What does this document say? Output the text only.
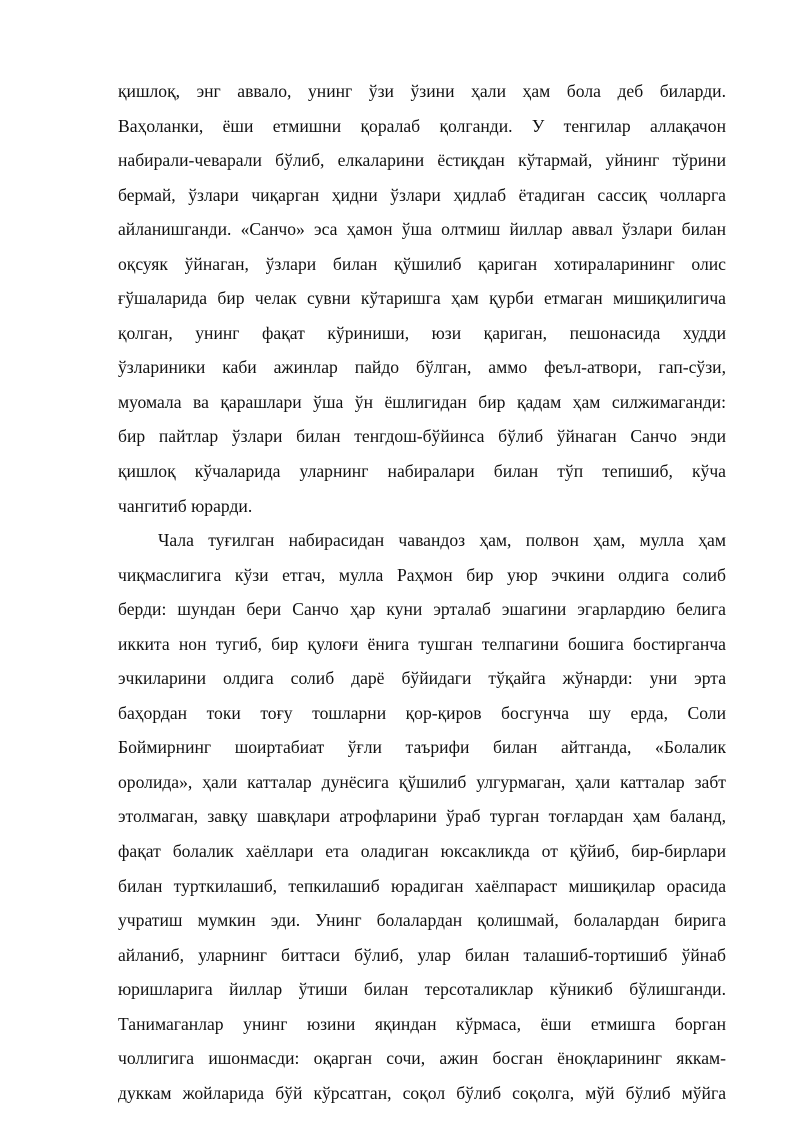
қишлоқ, энг аввало, унинг ўзи ўзини ҳали ҳам бола деб биларди.
Ваҳоланки, ёши етмишни қоралаб қолганди. У тенгилар аллақачон
набирали-чеварали бўлиб, елкаларини ёстиқдан кўтармай, уйнинг тўрини
бермай, ўзлари чиқарган ҳидни ўзлари ҳидлаб ётадиган сассиқ чолларга
айланишганди. «Санчо» эса ҳамон ўша олтмиш йиллар аввал ўзлари билан
оқсуяк ўйнаган, ўзлари билан қўшилиб қариган хотираларининг олис
ғўшаларида бир челак сувни кўтаришга ҳам қурби етмаган мишиқилигича
қолган, унинг фақат кўриниши, юзи қариган, пешонасида худди
ўзлариники каби ажинлар пайдо бўлган, аммо феъл-атвори, гап-сўзи,
муомала ва қарашлари ўша ўн ёшлигидан бир қадам ҳам силжимаганди:
бир пайтлар ўзлари билан тенгдош-бўйинса бўлиб ўйнаган Санчо энди
қишлоқ кўчаларида уларнинг набиралари билан тўп тепишиб, кўча
чангитиб юрарди.
Чала туғилган набирасидан чавандоз ҳам, полвон ҳам, мулла ҳам
чиқмаслигига кўзи етгач, мулла Раҳмон бир уюр эчкини олдига солиб
берди: шундан бери Санчо ҳар куни эрталаб эшагини эгарлардию белига
иккита нон тугиб, бир қулоғи ёнига тушган телпагини бошига бостирганча
эчкиларини олдига солиб дарё бўйидаги тўқайга жўнарди: уни эрта
баҳордан токи тоғу тошларни қор-қиров босгунча шу ерда, Соли
Боймирнинг шоиртабиат ўғли таърифи билан айтганда, «Болалик
оролида», ҳали катталар дунёсига қўшилиб улгурмаган, ҳали катталар забт
этолмаган, завқу шавқлари атрофларини ўраб турган тоғлардан ҳам баланд,
фақат болалик хаёллари ета оладиган юксакликда от қўйиб, бир-бирлари
билан турткилашиб, тепкилашиб юрадиган хаёлпараст мишиқилар орасида
учратиш мумкин эди. Унинг болалардан қолишмай, болалардан бирига
айланиб, уларнинг биттаси бўлиб, улар билан талашиб-тортишиб ўйнаб
юришларига йиллар ўтиши билан терсоталиклар кўникиб бўлишганди.
Танимаганлар унинг юзини яқиндан кўрмаса, ёши етмишга борган
чоллигига ишонмасди: оқарган сочи, ажин босган ёноқларининг яккам-
дуккам жойларида бўй кўрсатган, соқол бўлиб соқолга, мўй бўлиб мўйга
